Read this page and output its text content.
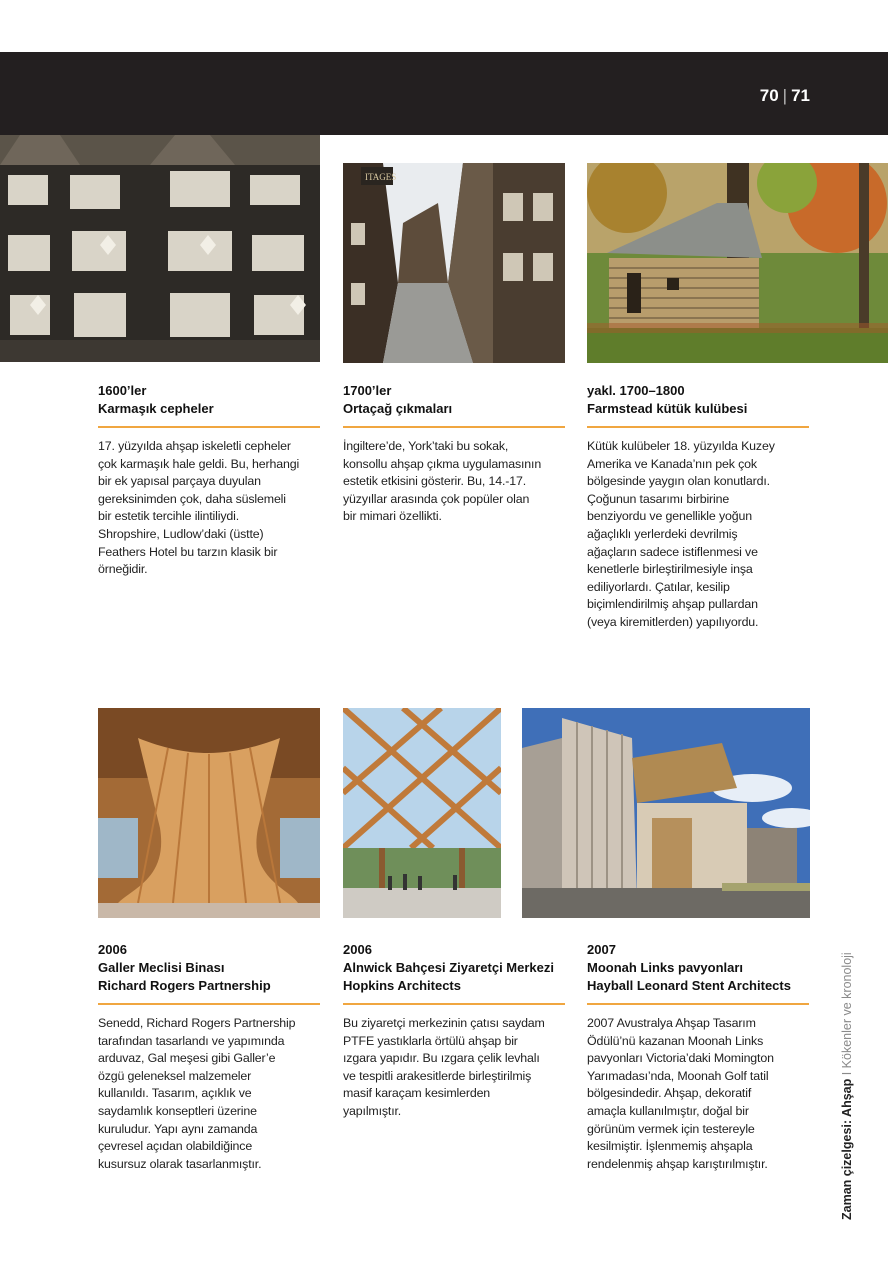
70 | 71
ITAGES

1600’ler

Karmaşık cepheler

17. yüzyılda ahşap iskeletli cepheler
çok karmaşık hale geldi. Bu, herhangi
bir ek yapısal parçaya duyulan
gereksinimden çok, daha süslemeli
bir estetik tercihle ilintiliydi.
Shropshire, Ludlow’daki (üstte)
Feathers Hotel bu tarzın klasik bir
örneğidir.

1700’ler

Ortaçağ çıkmaları

İngiltere’de, York’taki bu sokak,
konsollu ahşap çıkma uygulamasının
estetik etkisini gösterir. Bu, 14.-17.
yüzyıllar arasında çok popüler olan
bir mimari özellikti.

yakl. 1700–1800

Farmstead kütük kulübesi

Kütük kulübeler 18. yüzyılda Kuzey
Amerika ve Kanada’nın pek çok
bölgesinde yaygın olan konutlardı.
Çoğunun tasarımı birbirine
benziyordu ve genellikle yoğun
ağaçlıklı yerlerdeki devrilmiş
ağaçların sadece istiflenmesi ve
kenetlerle birleştirilmesiyle inşa
ediliyorlardı. Çatılar, kesilip
biçimlendirilmiş ahşap pullardan
(veya kiremitlerden) yapılıyordu.

2006

Galler Meclisi Binası

Richard Rogers Partnership

Senedd, Richard Rogers Partnership
tarafından tasarlandı ve yapımında
arduvaz, Gal meşesi gibi Galler’e
özgü geleneksel malzemeler
kullanıldı. Tasarım, açıklık ve
saydamlık konseptleri üzerine
kuruludur. Yapı aynı zamanda
çevresel açıdan olabildiğince
kusursuz olarak tasarlanmıştır.

2006

Alnwick Bahçesi Ziyaretçi Merkezi

Hopkins Architects

Bu ziyaretçi merkezinin çatısı saydam
PTFE yastıklarla örtülü ahşap bir
ızgara yapıdır. Bu ızgara çelik levhalı
ve tespitli arakesitlerde birleştirilmiş
masif karaçam kesimlerden
yapılmıştır.

2007

Moonah Links pavyonları

Hayball Leonard Stent Architects

2007 Avustralya Ahşap Tasarım
Ödülü’nü kazanan Moonah Links
pavyonları Victoria’daki Momington
Yarımadası’nda, Moonah Golf tatil
bölgesindedir. Ahşap, dekoratif
amaçla kullanılmıştır, doğal bir
görünüm vermek için testereyle
kesilmiştir. İşlenmemiş ahşapla
rendelenmiş ahşap karıştırılmıştır.	Zaman çizelgesi: Ahşap I Kökenler ve kronoloji
